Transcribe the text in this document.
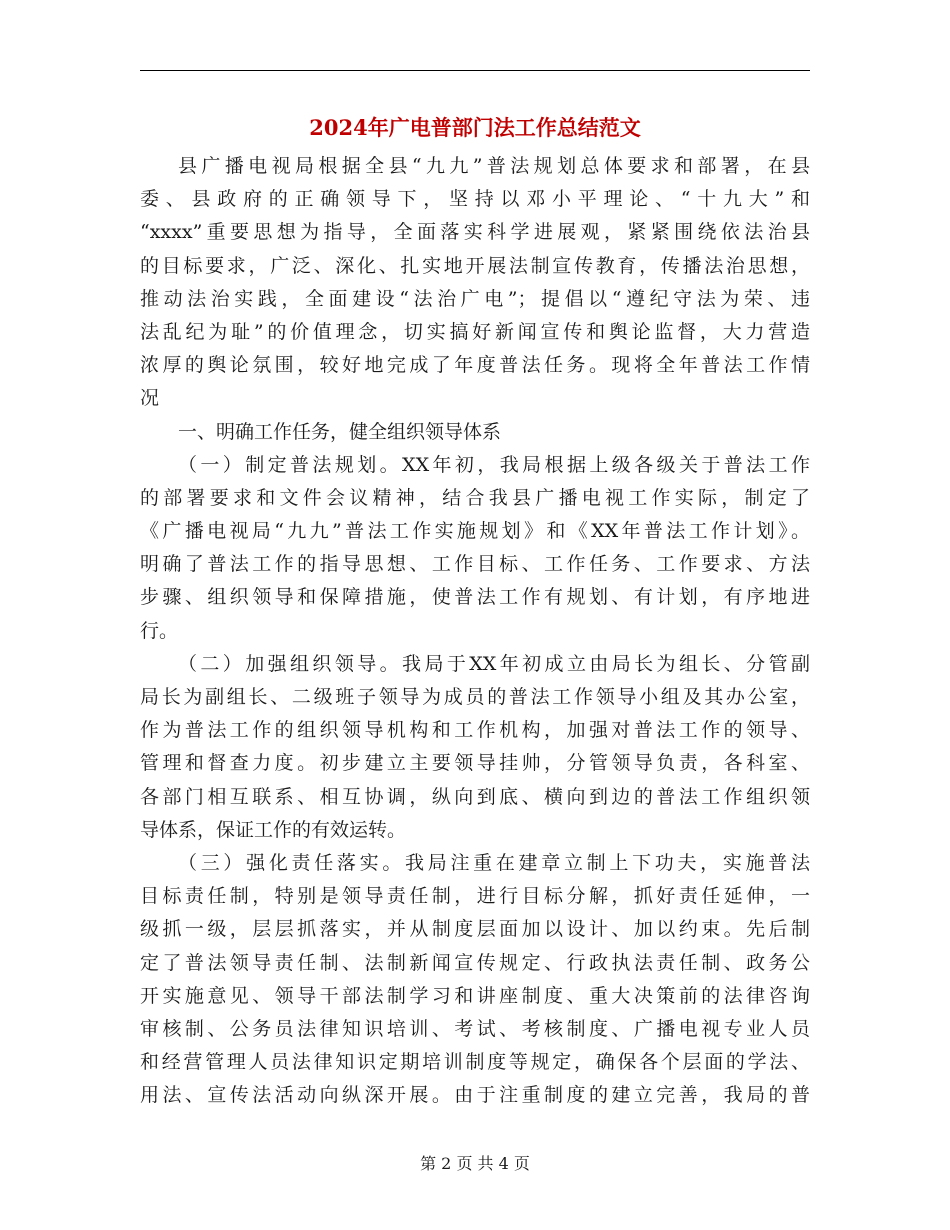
2024年广电普部门法工作总结范文
县广播电视局根据全县“九九”普法规划总体要求和部署，在县
委、县政府的正确领导下，坚持以邓小平理论、“十九大”和
“xxxx”重要思想为指导，全面落实科学进展观，紧紧围绕依法治县
的目标要求，广泛、深化、扎实地开展法制宣传教育，传播法治思想，
推动法治实践，全面建设“法治广电”；提倡以“遵纪守法为荣、违
法乱纪为耻”的价值理念，切实搞好新闻宣传和舆论监督，大力营造
浓厚的舆论氛围，较好地完成了年度普法任务。现将全年普法工作情
况
一、明确工作任务，健全组织领导体系
（一）制定普法规划。XX年初，我局根据上级各级关于普法工作
的部署要求和文件会议精神，结合我县广播电视工作实际，制定了
《广播电视局“九九”普法工作实施规划》和《XX年普法工作计划》。
明确了普法工作的指导思想、工作目标、工作任务、工作要求、方法
步骤、组织领导和保障措施，使普法工作有规划、有计划，有序地进
行。
（二）加强组织领导。我局于XX年初成立由局长为组长、分管副
局长为副组长、二级班子领导为成员的普法工作领导小组及其办公室，
作为普法工作的组织领导机构和工作机构，加强对普法工作的领导、
管理和督查力度。初步建立主要领导挂帅，分管领导负责，各科室、
各部门相互联系、相互协调，纵向到底、横向到边的普法工作组织领
导体系，保证工作的有效运转。
（三）强化责任落实。我局注重在建章立制上下功夫，实施普法
目标责任制，特别是领导责任制，进行目标分解，抓好责任延伸，一
级抓一级，层层抓落实，并从制度层面加以设计、加以约束。先后制
定了普法领导责任制、法制新闻宣传规定、行政执法责任制、政务公
开实施意见、领导干部法制学习和讲座制度、重大决策前的法律咨询
审核制、公务员法律知识培训、考试、考核制度、广播电视专业人员
和经营管理人员法律知识定期培训制度等规定，确保各个层面的学法、
用法、宣传法活动向纵深开展。由于注重制度的建立完善，我局的普
第 2 页 共 4 页
